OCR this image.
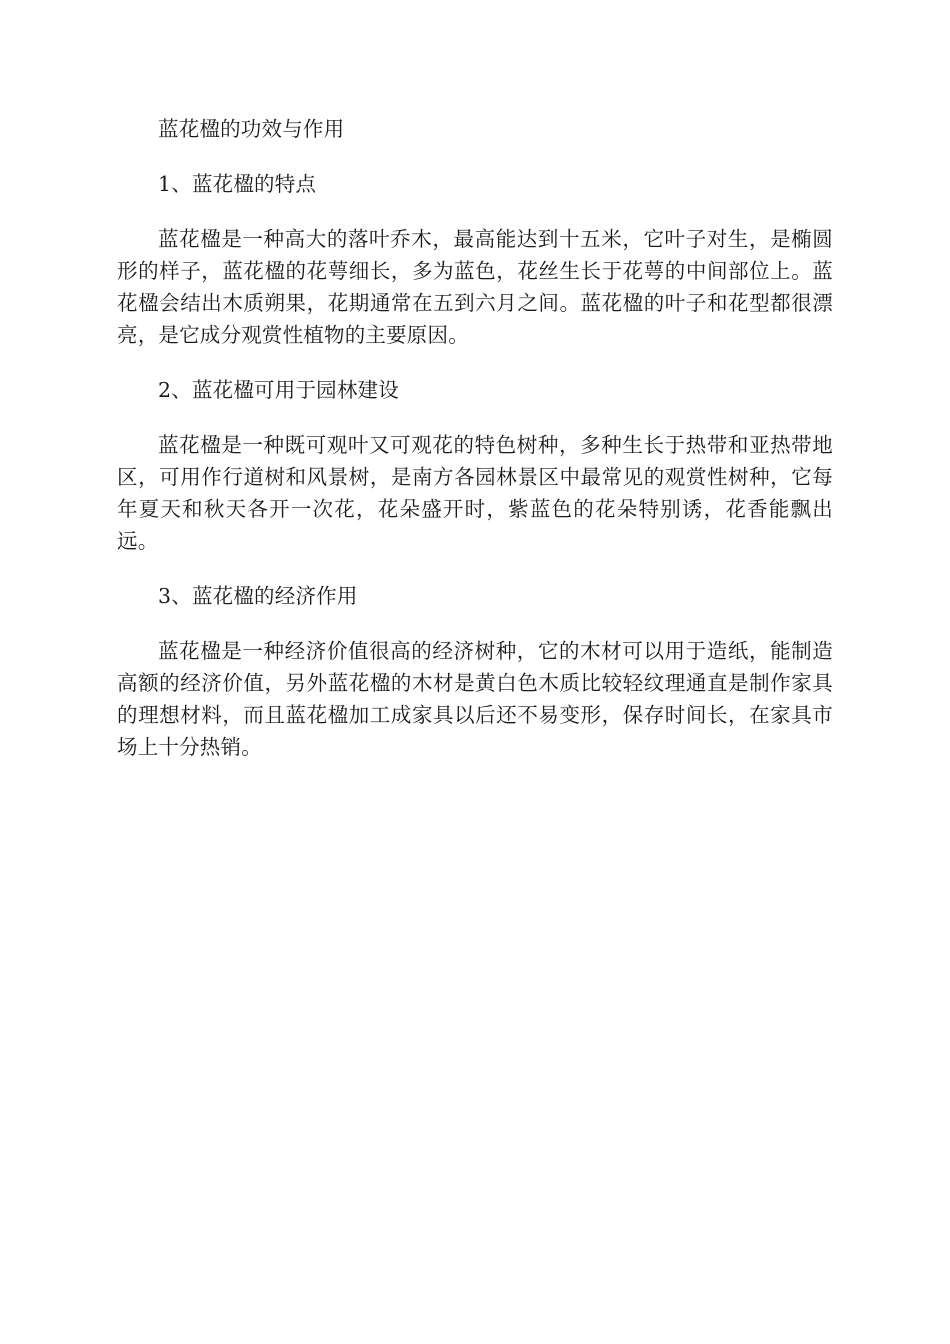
蓝花楹的功效与作用

1、蓝花楹的特点

蓝花楹是一种高大的落叶乔木，最高能达到十五米，它叶子对生，是椭圆形的样子，蓝花楹的花萼细长，多为蓝色，花丝生长于花萼的中间部位上。蓝花楹会结出木质朔果，花期通常在五到六月之间。蓝花楹的叶子和花型都很漂亮，是它成分观赏性植物的主要原因。

2、蓝花楹可用于园林建设

蓝花楹是一种既可观叶又可观花的特色树种，多种生长于热带和亚热带地区，可用作行道树和风景树，是南方各园林景区中最常见的观赏性树种，它每年夏天和秋天各开一次花，花朵盛开时，紫蓝色的花朵特别诱，花香能飘出远。

3、蓝花楹的经济作用

蓝花楹是一种经济价值很高的经济树种，它的木材可以用于造纸，能制造高额的经济价值，另外蓝花楹的木材是黄白色木质比较轻纹理通直是制作家具的理想材料，而且蓝花楹加工成家具以后还不易变形，保存时间长，在家具市场上十分热销。
